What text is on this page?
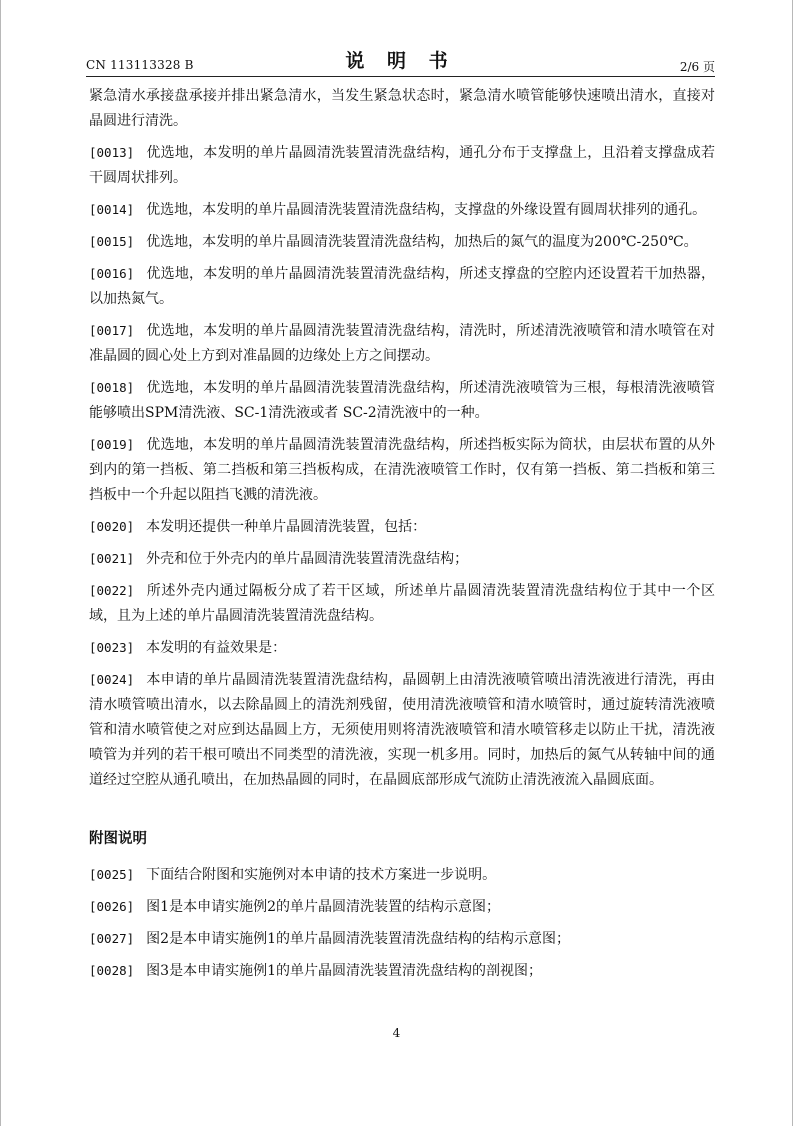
CN 113113328 B	说 明 书	2/6 页
紧急清水承接盘承接并排出紧急清水，当发生紧急状态时，紧急清水喷管能够快速喷出清水，直接对晶圆进行清洗。
[0013] 优选地，本发明的单片晶圆清洗装置清洗盘结构，通孔分布于支撑盘上，且沿着支撑盘成若干圆周状排列。
[0014] 优选地，本发明的单片晶圆清洗装置清洗盘结构，支撑盘的外缘设置有圆周状排列的通孔。
[0015] 优选地，本发明的单片晶圆清洗装置清洗盘结构，加热后的氮气的温度为200℃-250℃。
[0016] 优选地，本发明的单片晶圆清洗装置清洗盘结构，所述支撑盘的空腔内还设置若干加热器，以加热氮气。
[0017] 优选地，本发明的单片晶圆清洗装置清洗盘结构，清洗时，所述清洗液喷管和清水喷管在对准晶圆的圆心处上方到对准晶圆的边缘处上方之间摆动。
[0018] 优选地，本发明的单片晶圆清洗装置清洗盘结构，所述清洗液喷管为三根，每根清洗液喷管能够喷出SPM清洗液、SC-1清洗液或者 SC-2清洗液中的一种。
[0019] 优选地，本发明的单片晶圆清洗装置清洗盘结构，所述挡板实际为筒状，由层状布置的从外到内的第一挡板、第二挡板和第三挡板构成，在清洗液喷管工作时，仅有第一挡板、第二挡板和第三挡板中一个升起以阻挡飞溅的清洗液。
[0020] 本发明还提供一种单片晶圆清洗装置，包括：
[0021] 外壳和位于外壳内的单片晶圆清洗装置清洗盘结构；
[0022] 所述外壳内通过隔板分成了若干区域，所述单片晶圆清洗装置清洗盘结构位于其中一个区域，且为上述的单片晶圆清洗装置清洗盘结构。
[0023] 本发明的有益效果是：
[0024] 本申请的单片晶圆清洗装置清洗盘结构，晶圆朝上由清洗液喷管喷出清洗液进行清洗，再由清水喷管喷出清水，以去除晶圆上的清洗剂残留，使用清洗液喷管和清水喷管时，通过旋转清洗液喷管和清水喷管使之对应到达晶圆上方，无须使用则将清洗液喷管和清水喷管移走以防止干扰，清洗液喷管为并列的若干根可喷出不同类型的清洗液，实现一机多用。同时，加热后的氮气从转轴中间的通道经过空腔从通孔喷出，在加热晶圆的同时，在晶圆底部形成气流防止清洗液流入晶圆底面。
附图说明
[0025] 下面结合附图和实施例对本申请的技术方案进一步说明。
[0026] 图1是本申请实施例2的单片晶圆清洗装置的结构示意图；
[0027] 图2是本申请实施例1的单片晶圆清洗装置清洗盘结构的结构示意图；
[0028] 图3是本申请实施例1的单片晶圆清洗装置清洗盘结构的剖视图；
4
